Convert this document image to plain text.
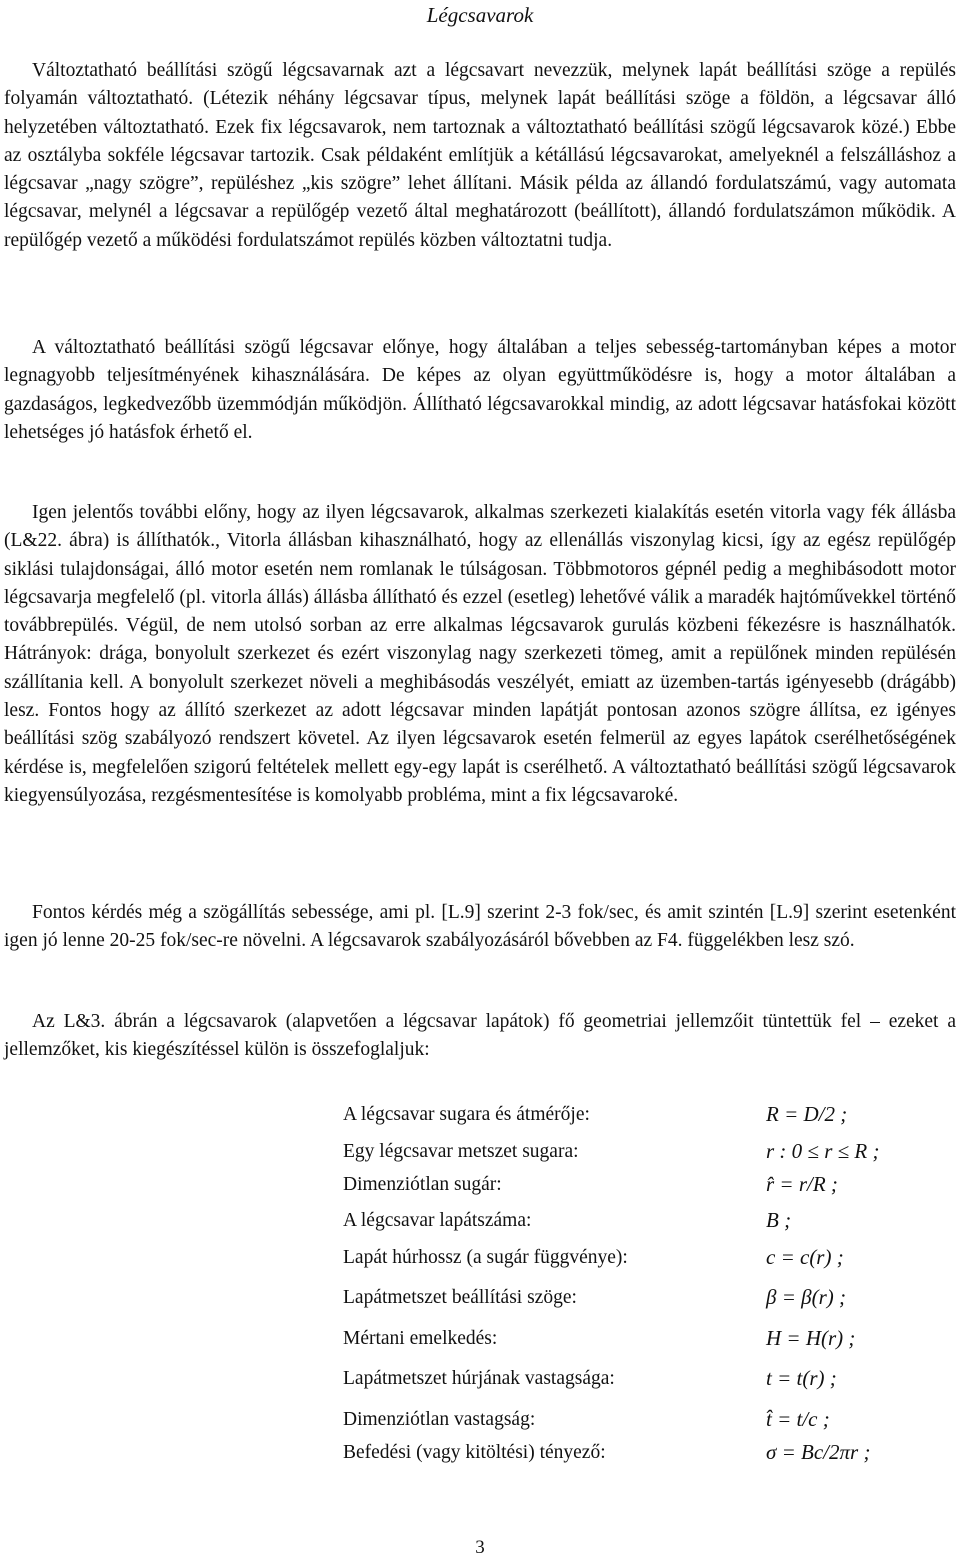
Légcsavarok

Változtatható beállítási szögű légcsavarnak azt a légcsavart nevezzük, melynek lapát beállítási szöge a repülés folyamán változtatható. (Létezik néhány légcsavar típus, melynek lapát beállítási szöge a földön, a légcsavar álló helyzetében változtatható. Ezek fix légcsavarok, nem tartoznak a változtatható beállítási szögű légcsavarok közé.) Ebbe az osztályba sokféle légcsavar tartozik. Csak példaként említjük a kétállású légcsavarokat, amelyeknél a felszálláshoz a légcsavar „nagy szögre”, repüléshez „kis szögre” lehet állítani. Másik példa az állandó fordulatszámú, vagy automata légcsavar, melynél a légcsavar a repülőgép vezető által meghatározott (beállított), állandó fordulatszámon működik. A repülőgép vezető a működési fordulatszámot repülés közben változtatni tudja.

A változtatható beállítási szögű légcsavar előnye, hogy általában a teljes sebesség-tartományban képes a motor legnagyobb teljesítményének kihasználására. De képes az olyan együttműködésre is, hogy a motor általában a gazdaságos, legkedvezőbb üzemmódján működjön. Állítható légcsavarokkal mindig, az adott légcsavar hatásfokai között lehetséges jó hatásfok érhető el.

Igen jelentős további előny, hogy az ilyen légcsavarok, alkalmas szerkezeti kialakítás esetén vitorla vagy fék állásba (L&22. ábra) is állíthatók., Vitorla állásban kihasználható, hogy az ellenállás viszonylag kicsi, így az egész repülőgép siklási tulajdonságai, álló motor esetén nem romlanak le túlságosan. Többmotoros gépnél pedig a meghibásodott motor légcsavarja megfelelő (pl. vitorla állás) állásba állítható és ezzel (esetleg) lehetővé válik a maradék hajtóművekkel történő továbbrepülés. Végül, de nem utolsó sorban az erre alkalmas légcsavarok gurulás közbeni fékezésre is használhatók. Hátrányok: drága, bonyolult szerkezet és ezért viszonylag nagy szerkezeti tömeg, amit a repülőnek minden repülésén szállítania kell. A bonyolult szerkezet növeli a meghibásodás veszélyét, emiatt az üzemben-tartás igényesebb (drágább) lesz. Fontos hogy az állító szerkezet az adott légcsavar minden lapátját pontosan azonos szögre állítsa, ez igényes beállítási szög szabályozó rendszert követel. Az ilyen légcsavarok esetén felmerül az egyes lapátok cserélhetőségének kérdése is, megfelelően szigorú feltételek mellett egy-egy lapát is cserélhető. A változtatható beállítási szögű légcsavarok kiegyensúlyozása, rezgésmentesítése is komolyabb probléma, mint a fix légcsavaroké.

Fontos kérdés még a szögállítás sebessége, ami pl. [L.9] szerint 2-3 fok/sec, és amit szintén [L.9] szerint esetenként igen jó lenne 20-25 fok/sec-re növelni. A légcsavarok szabályozásáról bővebben az F4. függelékben lesz szó.

Az L&3. ábrán a légcsavarok (alapvetően a légcsavar lapátok) fő geometriai jellemzőit tüntettük fel – ezeket a jellemzőket, kis kiegészítéssel külön is összefoglaljuk:

A légcsavar sugara és átmérője:	R = D/2 ;
Egy légcsavar metszet sugara:	r : 0 ≤ r ≤ R ;
Dimenziótlan sugár:	r̂ = r/R ;
A légcsavar lapátszáma:	B ;
Lapát húrhossz (a sugár függvénye):	c = c(r) ;
Lapátmetszet beállítási szöge:	β = β(r) ;
Mértani emelkedés:	H = H(r) ;
Lapátmetszet húrjának vastagsága:	t = t(r) ;
Dimenziótlan vastagság:	t̂ = t/c ;
Befedési (vagy kitöltési) tényező:	σ = Bc/2πr ;
3
